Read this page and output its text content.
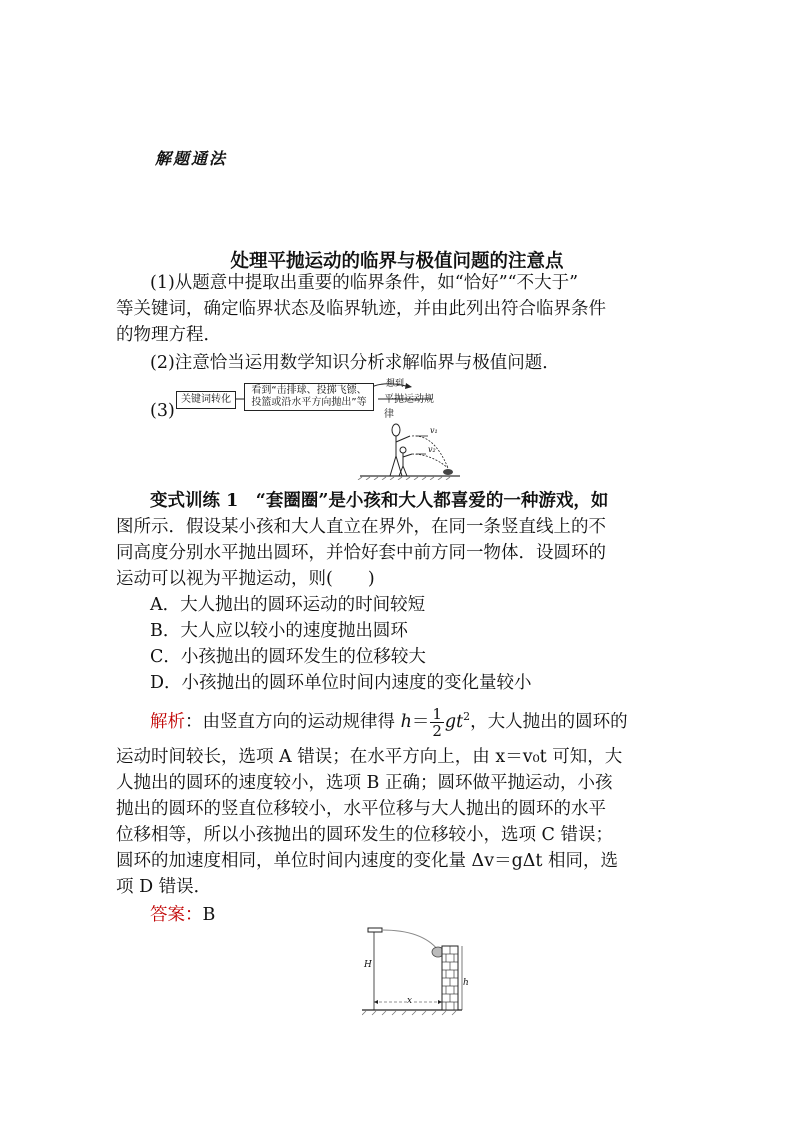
解题通法
处理平抛运动的临界与极值问题的注意点
(1)从题意中提取出重要的临界条件，如“恰好”“不大于”
等关键词，确定临界状态及临界轨迹，并由此列出符合临界条件
的物理方程．
(2)注意恰当运用数学知识分析求解临界与极值问题．
(3)
关键词转化
看到“击排球、投掷飞镖、
投篮或沿水平方向抛出”等
想到
平抛运动规律
v₁
v₂
变式训练 1　“套圈圈”是小孩和大人都喜爱的一种游戏，如
图所示．假设某小孩和大人直立在界外，在同一条竖直线上的不
同高度分别水平抛出圆环，并恰好套中前方同一物体．设圆环的
运动可以视为平抛运动，则(　　)
A．大人抛出的圆环运动的时间较短
B．大人应以较小的速度抛出圆环
C．小孩抛出的圆环发生的位移较大
D．小孩抛出的圆环单位时间内速度的变化量较小
解析：由竖直方向的运动规律得 $h= \frac{1}{2} gt^2$，大人抛出的圆环的
运动时间较长，选项 A 错误；在水平方向上，由 x＝v₀t 可知，大
人抛出的圆环的速度较小，选项 B 正确；圆环做平抛运动，小孩
抛出的圆环的竖直位移较小，水平位移与大人抛出的圆环的水平
位移相等，所以小孩抛出的圆环发生的位移较小，选项 C 错误；
圆环的加速度相同，单位时间内速度的变化量 Δv＝gΔt 相同，选
项 D 错误．
答案：B
H
h
x
